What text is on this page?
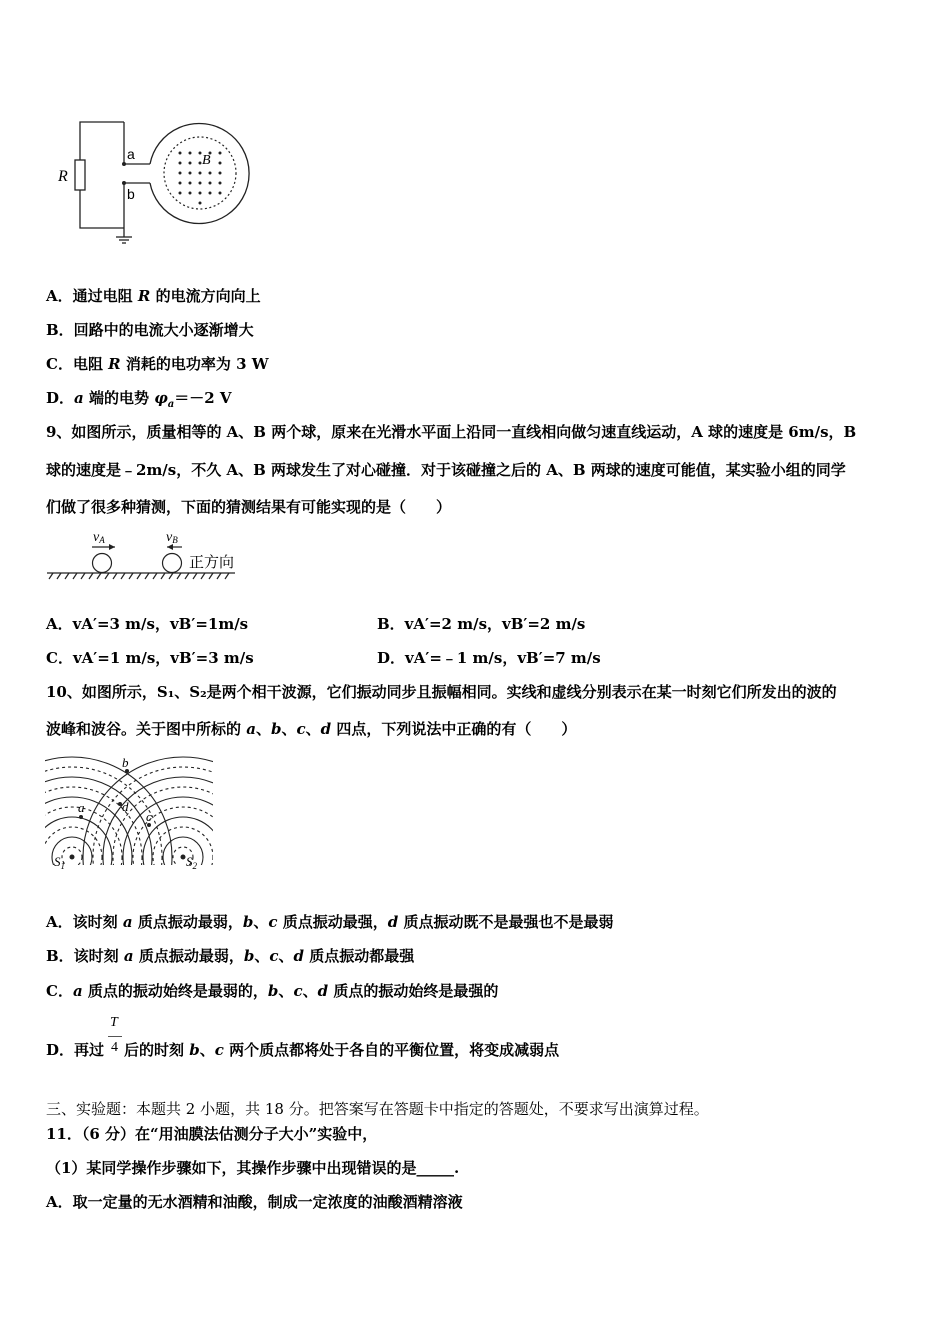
R
a
b
B
A．通过电阻 R 的电流方向向上
B．回路中的电流大小逐渐增大
C．电阻 R 消耗的电功率为 3 W
D．a 端的电势 $\varphi_a=-2$ V
9、如图所示，质量相等的 A、B 两个球，原来在光滑水平面上沿同一直线相向做匀速直线运动，A 球的速度是 6m/s，B
球的速度是﹣2m/s，不久 A、B 两球发生了对心碰撞．对于该碰撞之后的 A、B 两球的速度可能值，某实验小组的同学
们做了很多种猜测，下面的猜测结果有可能实现的是（　　）
vA	vB
正方向
A．vA′=3 m/s，vB′=1m/s	B．vA′=2 m/s，vB′=2 m/s
C．vA′=1 m/s，vB′=3 m/s	D．vA′=﹣1 m/s，vB′=7 m/s
10、如图所示，S₁、S₂是两个相干波源，它们振动同步且振幅相同。实线和虚线分别表示在某一时刻它们所发出的波的
波峰和波谷。关于图中所标的 a、b、c、d 四点，下列说法中正确的有（　　）
b
a	d
c
$S_1$	$S_2$
A．该时刻 a 质点振动最弱，b、c 质点振动最强，d 质点振动既不是最强也不是最弱
B．该时刻 a 质点振动最弱，b、c、d 质点振动都最强
C．a 质点的振动始终是最弱的，b、c、d 质点的振动始终是最强的
D．再过
T
4 后的时刻 b、c 两个质点都将处于各自的平衡位置，将变成减弱点
三、实验题：本题共 2 小题，共 18 分。把答案写在答题卡中指定的答题处，不要求写出演算过程。
11．（6 分）在“用油膜法估测分子大小”实验中，
（1）某同学操作步骤如下，其操作步骤中出现错误的是_____.
A．取一定量的无水酒精和油酸，制成一定浓度的油酸酒精溶液
